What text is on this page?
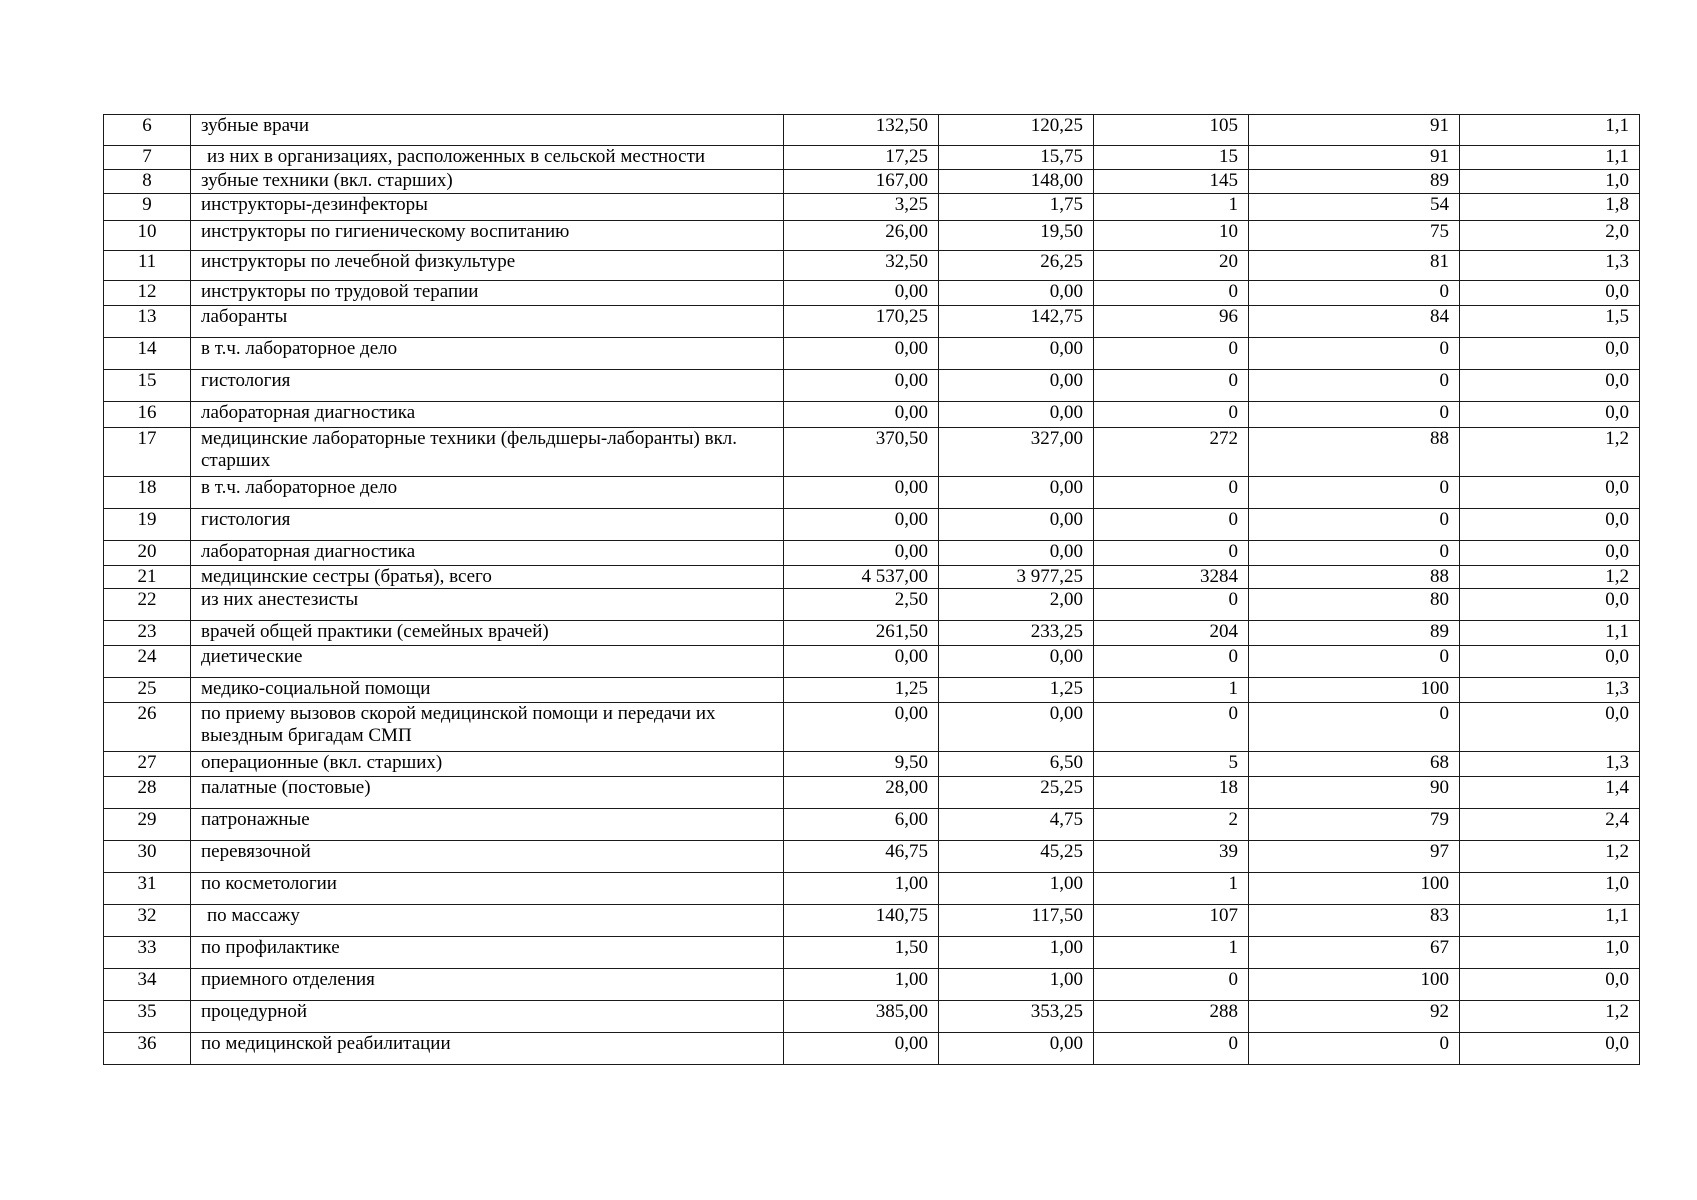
6	зубные врачи	132,50	120,25	105	91	1,1
7	из них в организациях, расположенных в сельской местности	17,25	15,75	15	91	1,1
8	зубные техники (вкл. старших)	167,00	148,00	145	89	1,0
9	инструкторы-дезинфекторы	3,25	1,75	1	54	1,8
10	инструкторы по гигиеническому воспитанию	26,00	19,50	10	75	2,0
11	инструкторы по лечебной физкультуре	32,50	26,25	20	81	1,3
12	инструкторы по трудовой терапии	0,00	0,00	0	0	0,0
13	лаборанты	170,25	142,75	96	84	1,5
14	в т.ч. лабораторное дело	0,00	0,00	0	0	0,0
15	гистология	0,00	0,00	0	0	0,0
16	лабораторная диагностика	0,00	0,00	0	0	0,0
17	медицинские лабораторные техники (фельдшеры-лаборанты) вкл. старших	370,50	327,00	272	88	1,2
18	в т.ч. лабораторное дело	0,00	0,00	0	0	0,0
19	гистология	0,00	0,00	0	0	0,0
20	лабораторная диагностика	0,00	0,00	0	0	0,0
21	медицинские сестры (братья), всего	4 537,00	3 977,25	3284	88	1,2
22	из них анестезисты	2,50	2,00	0	80	0,0
23	врачей общей практики (семейных врачей)	261,50	233,25	204	89	1,1
24	диетические	0,00	0,00	0	0	0,0
25	медико-социальной помощи	1,25	1,25	1	100	1,3
26	по приему вызовов скорой медицинской помощи и передачи их выездным бригадам СМП	0,00	0,00	0	0	0,0
27	операционные (вкл. старших)	9,50	6,50	5	68	1,3
28	палатные (постовые)	28,00	25,25	18	90	1,4
29	патронажные	6,00	4,75	2	79	2,4
30	перевязочной	46,75	45,25	39	97	1,2
31	по косметологии	1,00	1,00	1	100	1,0
32	по массажу	140,75	117,50	107	83	1,1
33	по профилактике	1,50	1,00	1	67	1,0
34	приемного отделения	1,00	1,00	0	100	0,0
35	процедурной	385,00	353,25	288	92	1,2
36	по медицинской реабилитации	0,00	0,00	0	0	0,0
